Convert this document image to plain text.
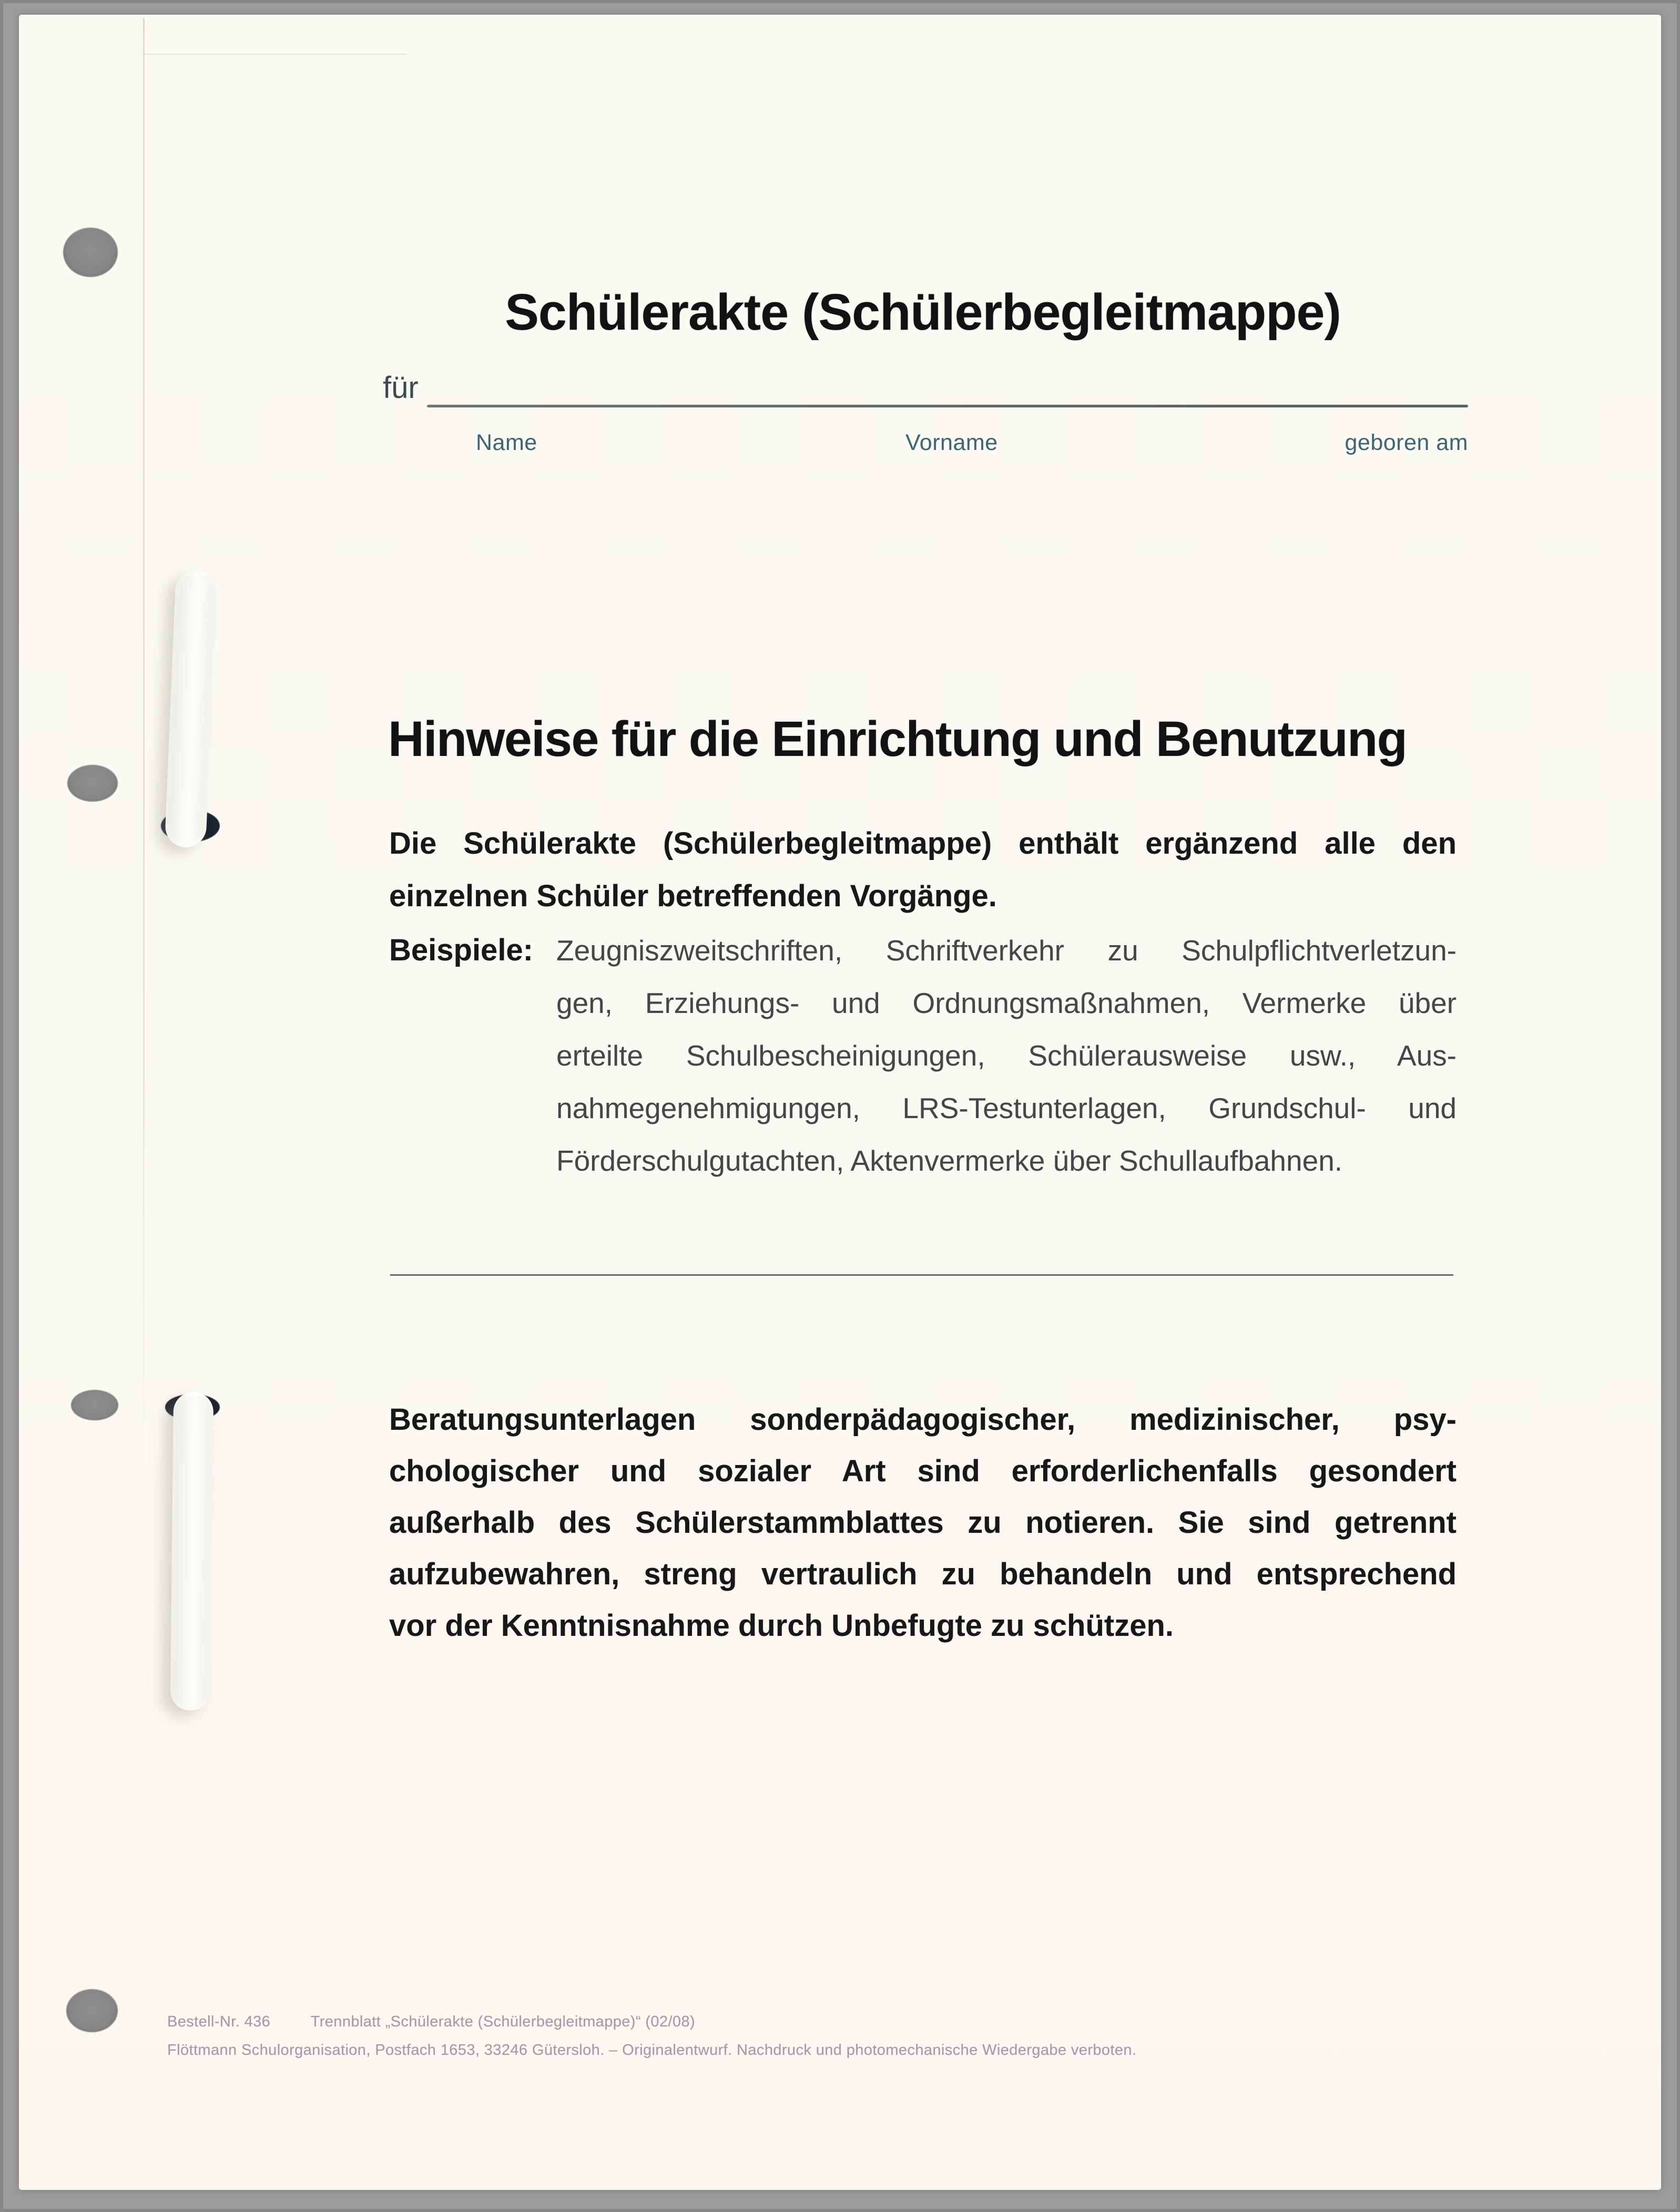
Schülerakte (Schülerbegleitmappe)
für
Name	Vorname	geboren am
Hinweise für die Einrichtung und Benutzung
Die Schülerakte (Schülerbegleitmappe) enthält ergänzend alle den
einzelnen Schüler betreffenden Vorgänge.
Beispiele: Zeugniszweitschriften, Schriftverkehr zu Schulpflichtverletzun-
gen, Erziehungs- und Ordnungsmaßnahmen, Vermerke über
erteilte Schulbescheinigungen, Schülerausweise usw., Aus-
nahmegenehmigungen, LRS-Testunterlagen, Grundschul- und
Förderschulgutachten, Aktenvermerke über Schullaufbahnen.
Beratungsunterlagen sonderpädagogischer, medizinischer, psy-
chologischer und sozialer Art sind erforderlichenfalls gesondert
außerhalb des Schülerstammblattes zu notieren. Sie sind getrennt
aufzubewahren, streng vertraulich zu behandeln und entsprechend
vor der Kenntnisnahme durch Unbefugte zu schützen.
Bestell-Nr. 436	Trennblatt „Schülerakte (Schülerbegleitmappe)“ (02/08)
Flöttmann Schulorganisation, Postfach 1653, 33246 Gütersloh. – Originalentwurf. Nachdruck und photomechanische Wiedergabe verboten.
